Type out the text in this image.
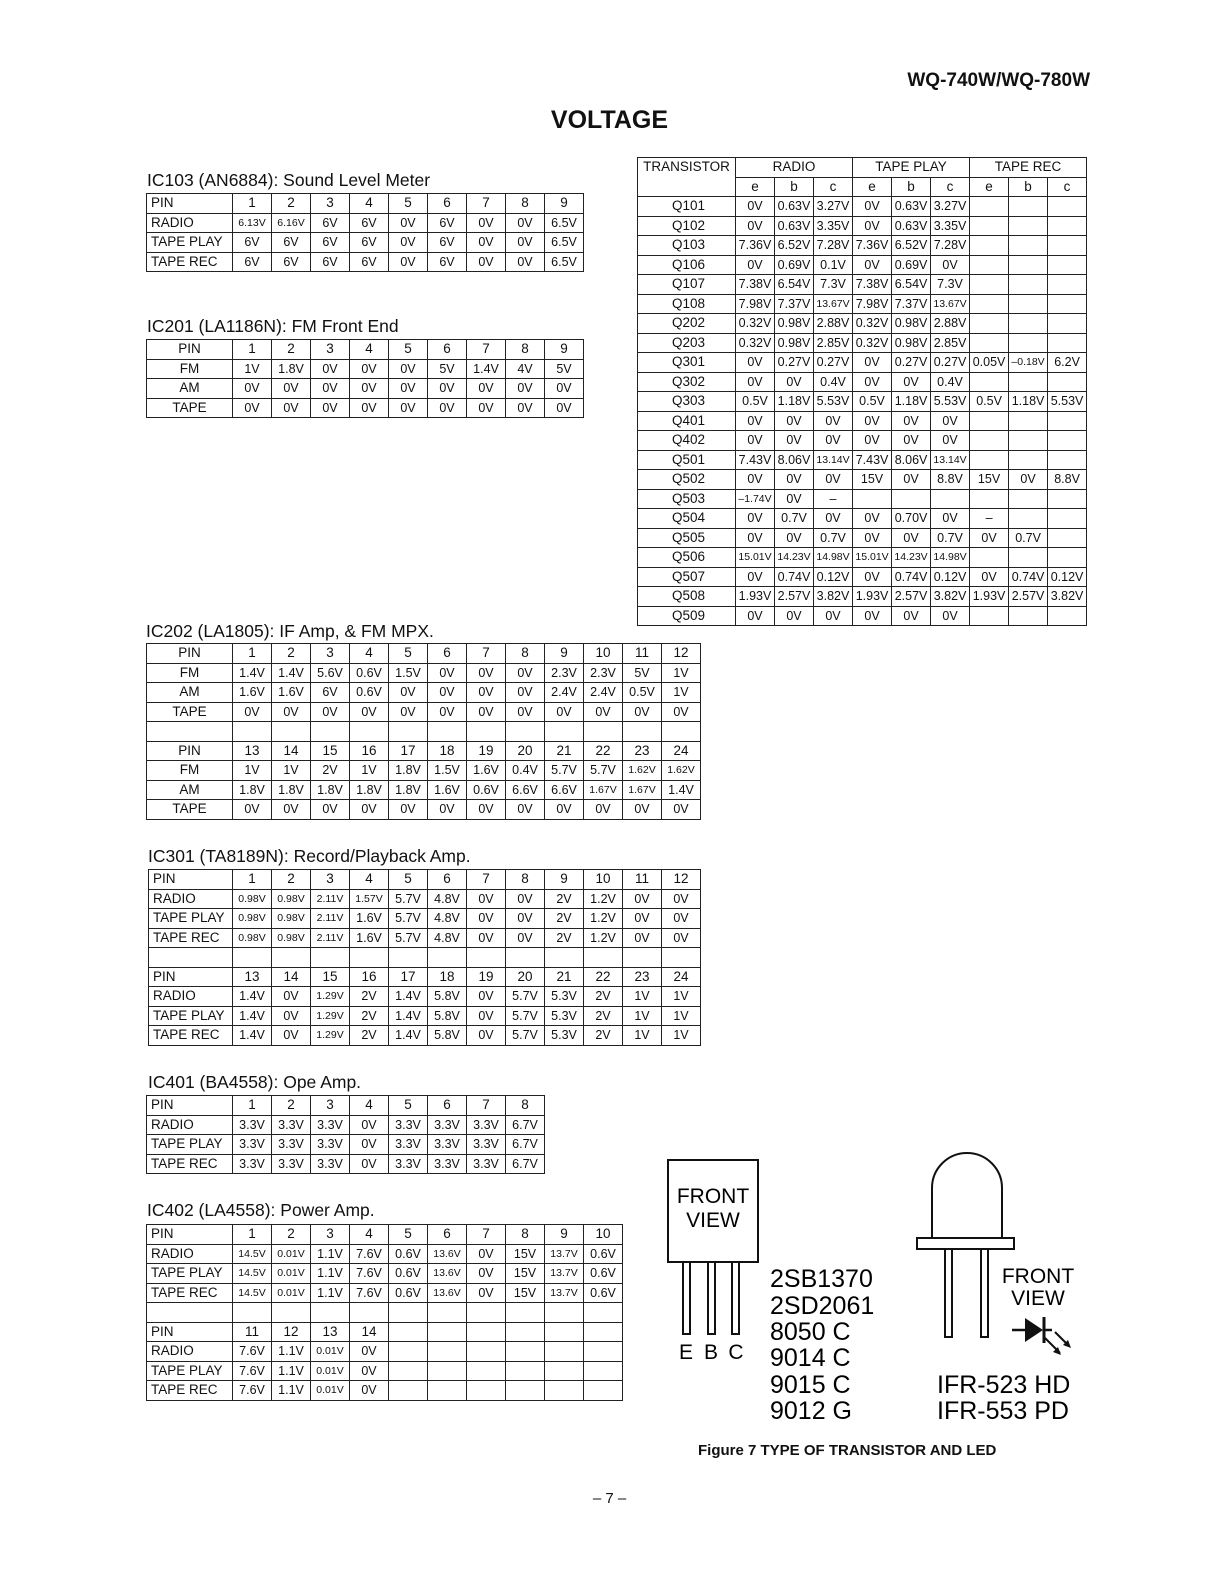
WQ-740W/WQ-780W
VOLTAGE
IC103 (AN6884): Sound Level Meter
PIN	1	2	3	4	5	6	7	8	9
RADIO	6.13V	6.16V	6V	6V	0V	6V	0V	0V	6.5V
TAPE PLAY	6V	6V	6V	6V	0V	6V	0V	0V	6.5V
TAPE REC	6V	6V	6V	6V	0V	6V	0V	0V	6.5V
IC201 (LA1186N): FM Front End
PIN	1	2	3	4	5	6	7	8	9
FM	1V	1.8V	0V	0V	0V	5V	1.4V	4V	5V
AM	0V	0V	0V	0V	0V	0V	0V	0V	0V
TAPE	0V	0V	0V	0V	0V	0V	0V	0V	0V
IC202 (LA1805): IF Amp, & FM MPX.
PIN	1	2	3	4	5	6	7	8	9	10	11	12
FM	1.4V	1.4V	5.6V	0.6V	1.5V	0V	0V	0V	2.3V	2.3V	5V	1V
AM	1.6V	1.6V	6V	0.6V	0V	0V	0V	0V	2.4V	2.4V	0.5V	1V
TAPE	0V	0V	0V	0V	0V	0V	0V	0V	0V	0V	0V	0V

PIN	13	14	15	16	17	18	19	20	21	22	23	24
FM	1V	1V	2V	1V	1.8V	1.5V	1.6V	0.4V	5.7V	5.7V	1.62V	1.62V
AM	1.8V	1.8V	1.8V	1.8V	1.8V	1.6V	0.6V	6.6V	6.6V	1.67V	1.67V	1.4V
TAPE	0V	0V	0V	0V	0V	0V	0V	0V	0V	0V	0V	0V
IC301 (TA8189N): Record/Playback Amp.
PIN	1	2	3	4	5	6	7	8	9	10	11	12
RADIO	0.98V	0.98V	2.11V	1.57V	5.7V	4.8V	0V	0V	2V	1.2V	0V	0V
TAPE PLAY	0.98V	0.98V	2.11V	1.6V	5.7V	4.8V	0V	0V	2V	1.2V	0V	0V
TAPE REC	0.98V	0.98V	2.11V	1.6V	5.7V	4.8V	0V	0V	2V	1.2V	0V	0V

PIN	13	14	15	16	17	18	19	20	21	22	23	24
RADIO	1.4V	0V	1.29V	2V	1.4V	5.8V	0V	5.7V	5.3V	2V	1V	1V
TAPE PLAY	1.4V	0V	1.29V	2V	1.4V	5.8V	0V	5.7V	5.3V	2V	1V	1V
TAPE REC	1.4V	0V	1.29V	2V	1.4V	5.8V	0V	5.7V	5.3V	2V	1V	1V
IC401 (BA4558): Ope Amp.
PIN	1	2	3	4	5	6	7	8
RADIO	3.3V	3.3V	3.3V	0V	3.3V	3.3V	3.3V	6.7V
TAPE PLAY	3.3V	3.3V	3.3V	0V	3.3V	3.3V	3.3V	6.7V
TAPE REC	3.3V	3.3V	3.3V	0V	3.3V	3.3V	3.3V	6.7V
IC402 (LA4558): Power Amp.
PIN	1	2	3	4	5	6	7	8	9	10
RADIO	14.5V	0.01V	1.1V	7.6V	0.6V	13.6V	0V	15V	13.7V	0.6V
TAPE PLAY	14.5V	0.01V	1.1V	7.6V	0.6V	13.6V	0V	15V	13.7V	0.6V
TAPE REC	14.5V	0.01V	1.1V	7.6V	0.6V	13.6V	0V	15V	13.7V	0.6V

PIN	11	12	13	14						
RADIO	7.6V	1.1V	0.01V	0V						
TAPE PLAY	7.6V	1.1V	0.01V	0V						
TAPE REC	7.6V	1.1V	0.01V	0V						
TRANSISTOR	RADIO			TAPE PLAY			TAPE REC		
	e	b	c	e	b	c	e	b	c
Q101	0V	0.63V	3.27V	0V	0.63V	3.27V			
Q102	0V	0.63V	3.35V	0V	0.63V	3.35V			
Q103	7.36V	6.52V	7.28V	7.36V	6.52V	7.28V			
Q106	0V	0.69V	0.1V	0V	0.69V	0V			
Q107	7.38V	6.54V	7.3V	7.38V	6.54V	7.3V			
Q108	7.98V	7.37V	13.67V	7.98V	7.37V	13.67V			
Q202	0.32V	0.98V	2.88V	0.32V	0.98V	2.88V			
Q203	0.32V	0.98V	2.85V	0.32V	0.98V	2.85V			
Q301	0V	0.27V	0.27V	0V	0.27V	0.27V	0.05V	–0.18V	6.2V
Q302	0V	0V	0.4V	0V	0V	0.4V			
Q303	0.5V	1.18V	5.53V	0.5V	1.18V	5.53V	0.5V	1.18V	5.53V
Q401	0V	0V	0V	0V	0V	0V			
Q402	0V	0V	0V	0V	0V	0V			
Q501	7.43V	8.06V	13.14V	7.43V	8.06V	13.14V			
Q502	0V	0V	0V	15V	0V	8.8V	15V	0V	8.8V
Q503	–1.74V	0V	–						
Q504	0V	0.7V	0V	0V	0.70V	0V	–		
Q505	0V	0V	0.7V	0V	0V	0.7V	0V	0.7V	
Q506	15.01V	14.23V	14.98V	15.01V	14.23V	14.98V			
Q507	0V	0.74V	0.12V	0V	0.74V	0.12V	0V	0.74V	0.12V
Q508	1.93V	2.57V	3.82V	1.93V	2.57V	3.82V	1.93V	2.57V	3.82V
Q509	0V	0V	0V	0V	0V	0V			
FRONT
VIEW
E B C
2SB1370
2SD2061
8050 C
9014 C
9015 C
9012 G
FRONT
VIEW
IFR-523 HD
IFR-553 PD
Figure 7 TYPE OF TRANSISTOR AND LED
– 7 –
